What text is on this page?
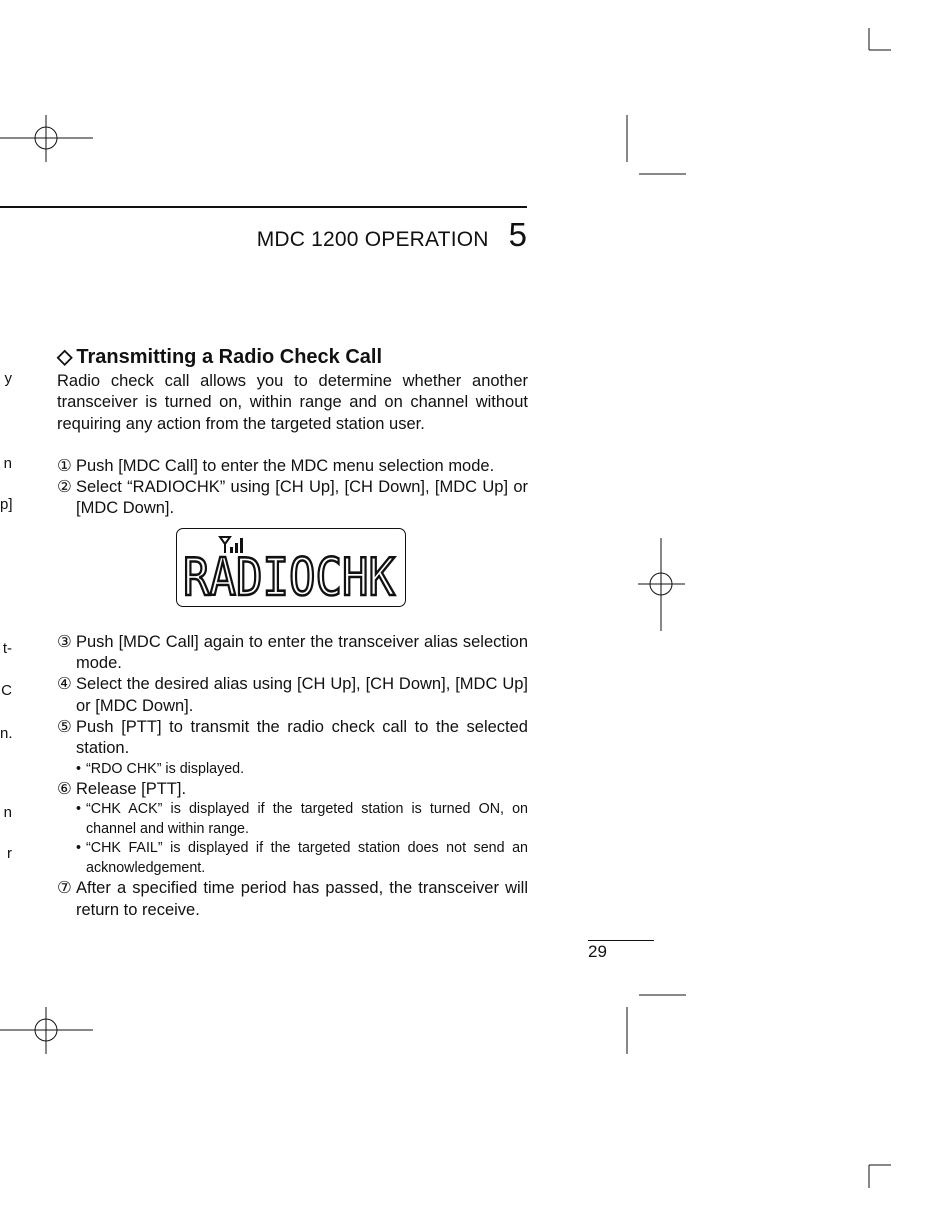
MDC 1200 OPERATION 5
y
n
p]
t-
C
n.
n
r
◇ Transmitting a Radio Check Call

Radio check call allows you to determine whether another transceiver is turned on, within range and on channel without requiring any action from the targeted station user.

① Push [MDC Call] to enter the MDC menu selection mode.
② Select “RADIOCHK” using [CH Up], [CH Down], [MDC Up] or [MDC Down].
RADIOCHK
③ Push [MDC Call] again to enter the transceiver alias selection mode.
④ Select the desired alias using [CH Up], [CH Down], [MDC Up] or [MDC Down].
⑤ Push [PTT] to transmit the radio check call to the selected station.
• “RDO CHK” is displayed.
⑥ Release [PTT].
• “CHK ACK” is displayed if the targeted station is turned ON, on channel and within range.
• “CHK FAIL” is displayed if the targeted station does not send an acknowledgement.
⑦ After a specified time period has passed, the transceiver will return to receive.
29
